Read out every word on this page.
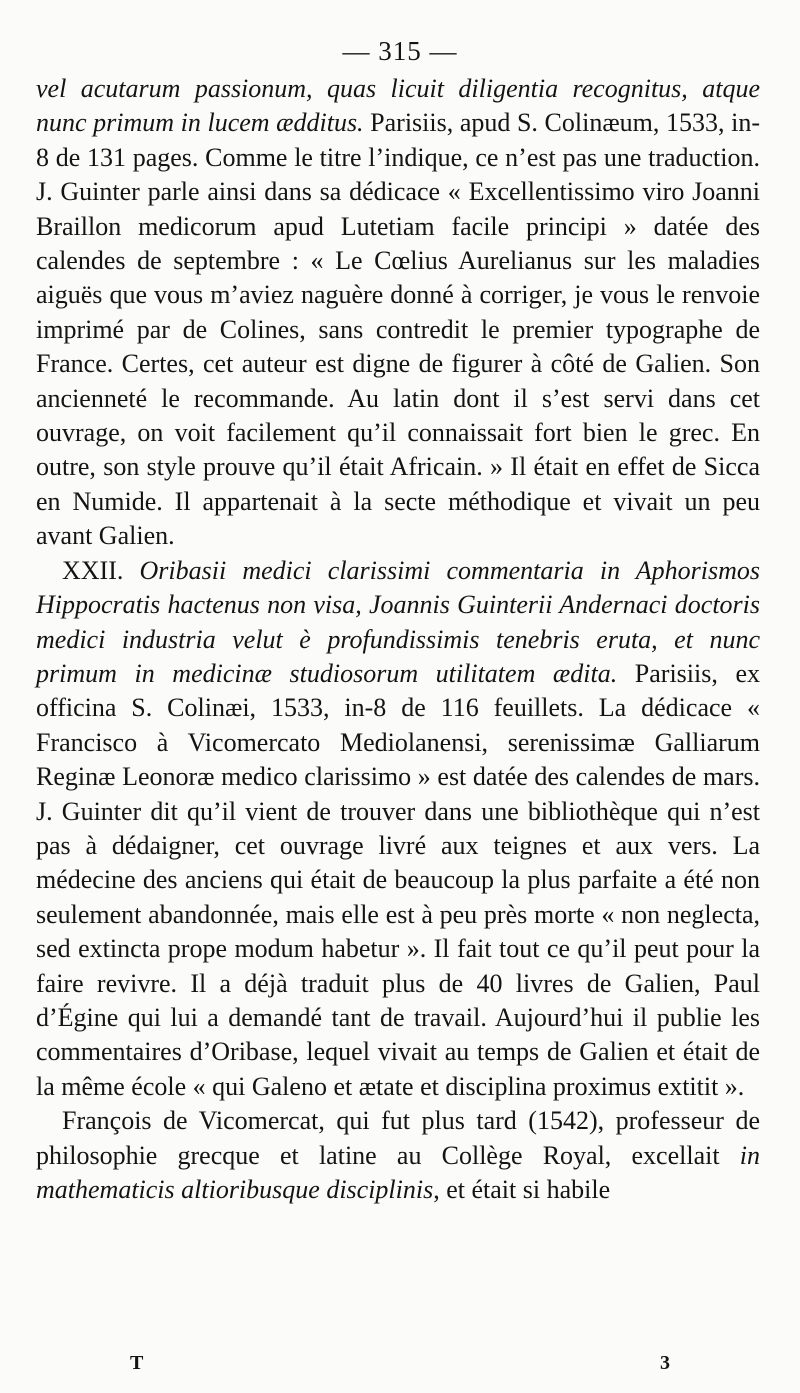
— 315 —

vel acutarum passionum, quas licuit diligentia recognitus, atque nunc primum in lucem ædditus. Parisiis, apud S. Colinæum, 1533, in-8 de 131 pages. Comme le titre l’indique, ce n’est pas une traduction. J. Guinter parle ainsi dans sa dédicace « Excellentissimo viro Joanni Braillon medicorum apud Lutetiam facile principi » datée des calendes de septembre : « Le Cœlius Aurelianus sur les maladies aiguës que vous m’aviez naguère donné à corriger, je vous le renvoie imprimé par de Colines, sans contredit le premier typographe de France. Certes, cet auteur est digne de figurer à côté de Galien. Son ancienneté le recommande. Au latin dont il s’est servi dans cet ouvrage, on voit facilement qu’il connaissait fort bien le grec. En outre, son style prouve qu’il était Africain. » Il était en effet de Sicca en Numide. Il appartenait à la secte méthodique et vivait un peu avant Galien.

XXII. Oribasii medici clarissimi commentaria in Aphorismos Hippocratis hactenus non visa, Joannis Guinterii Andernaci doctoris medici industria velut è profundissimis tenebris eruta, et nunc primum in medicinæ studiosorum utilitatem ædita. Parisiis, ex officina S. Colinæi, 1533, in-8 de 116 feuillets. La dédicace « Francisco à Vicomercato Mediolanensi, serenissimæ Galliarum Reginæ Leonoræ medico clarissimo » est datée des calendes de mars. J. Guinter dit qu’il vient de trouver dans une bibliothèque qui n’est pas à dédaigner, cet ouvrage livré aux teignes et aux vers. La médecine des anciens qui était de beaucoup la plus parfaite a été non seulement abandonnée, mais elle est à peu près morte « non neglecta, sed extincta prope modum habetur ». Il fait tout ce qu’il peut pour la faire revivre. Il a déjà traduit plus de 40 livres de Galien, Paul d’Égine qui lui a demandé tant de travail. Aujourd’hui il publie les commentaires d’Oribase, lequel vivait au temps de Galien et était de la même école « qui Galeno et ætate et disciplina proximus extitit ».

François de Vicomercat, qui fut plus tard (1542), professeur de philosophie grecque et latine au Collège Royal, excellait in mathematicis altioribusque disciplinis, et était si habile

T	3
